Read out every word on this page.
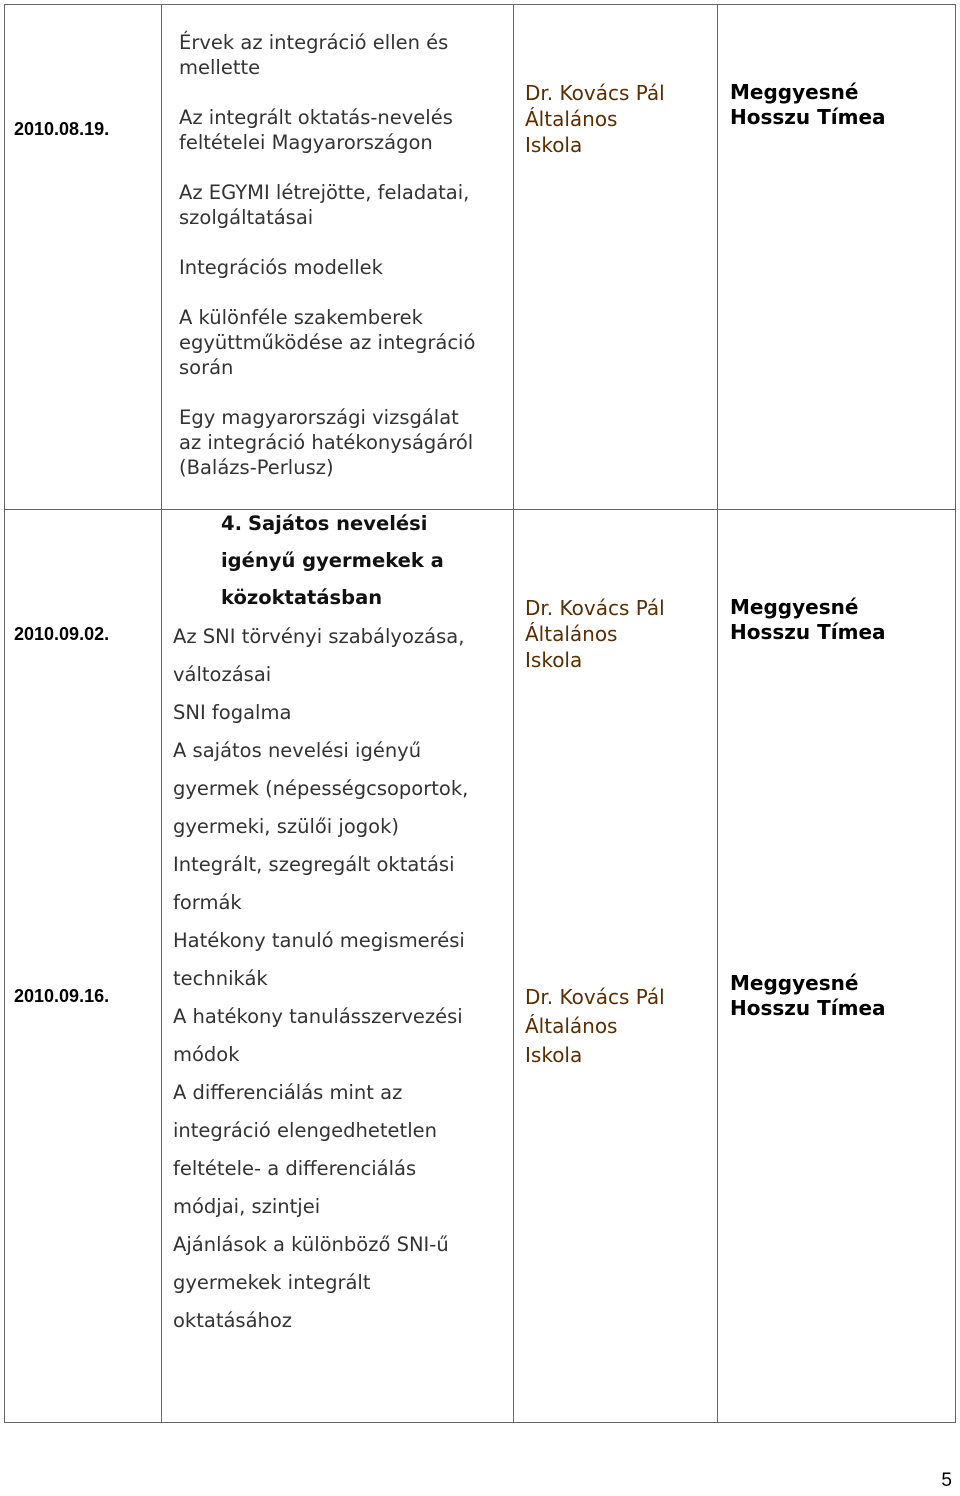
2010.08.19.
Érvek az integráció ellen és
mellette
Az integrált oktatás-nevelés
feltételei Magyarországon
Az EGYMI létrejötte, feladatai,
szolgáltatásai
Integrációs modellek
A különféle szakemberek
együttműködése az integráció
során
Egy magyarországi vizsgálat
az integráció hatékonyságáról
(Balázs-Perlusz)
Dr. Kovács Pál
Általános
Iskola
Meggyesné
Hosszu Tímea
4. Sajátos nevelési
igényű gyermekek a
közoktatásban
2010.09.02.	Az SNI törvényi szabályozása,
változásai
SNI fogalma
A sajátos nevelési igényű
gyermek (népességcsoportok,
gyermeki, szülői jogok)
Integrált, szegregált oktatási
formák
Hatékony tanuló megismerési
technikák
A hatékony tanulásszervezési
módok
A differenciálás mint az
integráció elengedhetetlen
feltétele- a differenciálás
módjai, szintjei
Ajánlások a különböző SNI-ű
gyermekek integrált
oktatásához
Dr. Kovács Pál
Általános
Iskola
Meggyesné
Hosszu Tímea
2010.09.16.	Dr. Kovács Pál
Általános
Iskola
Meggyesné
Hosszu Tímea
5
